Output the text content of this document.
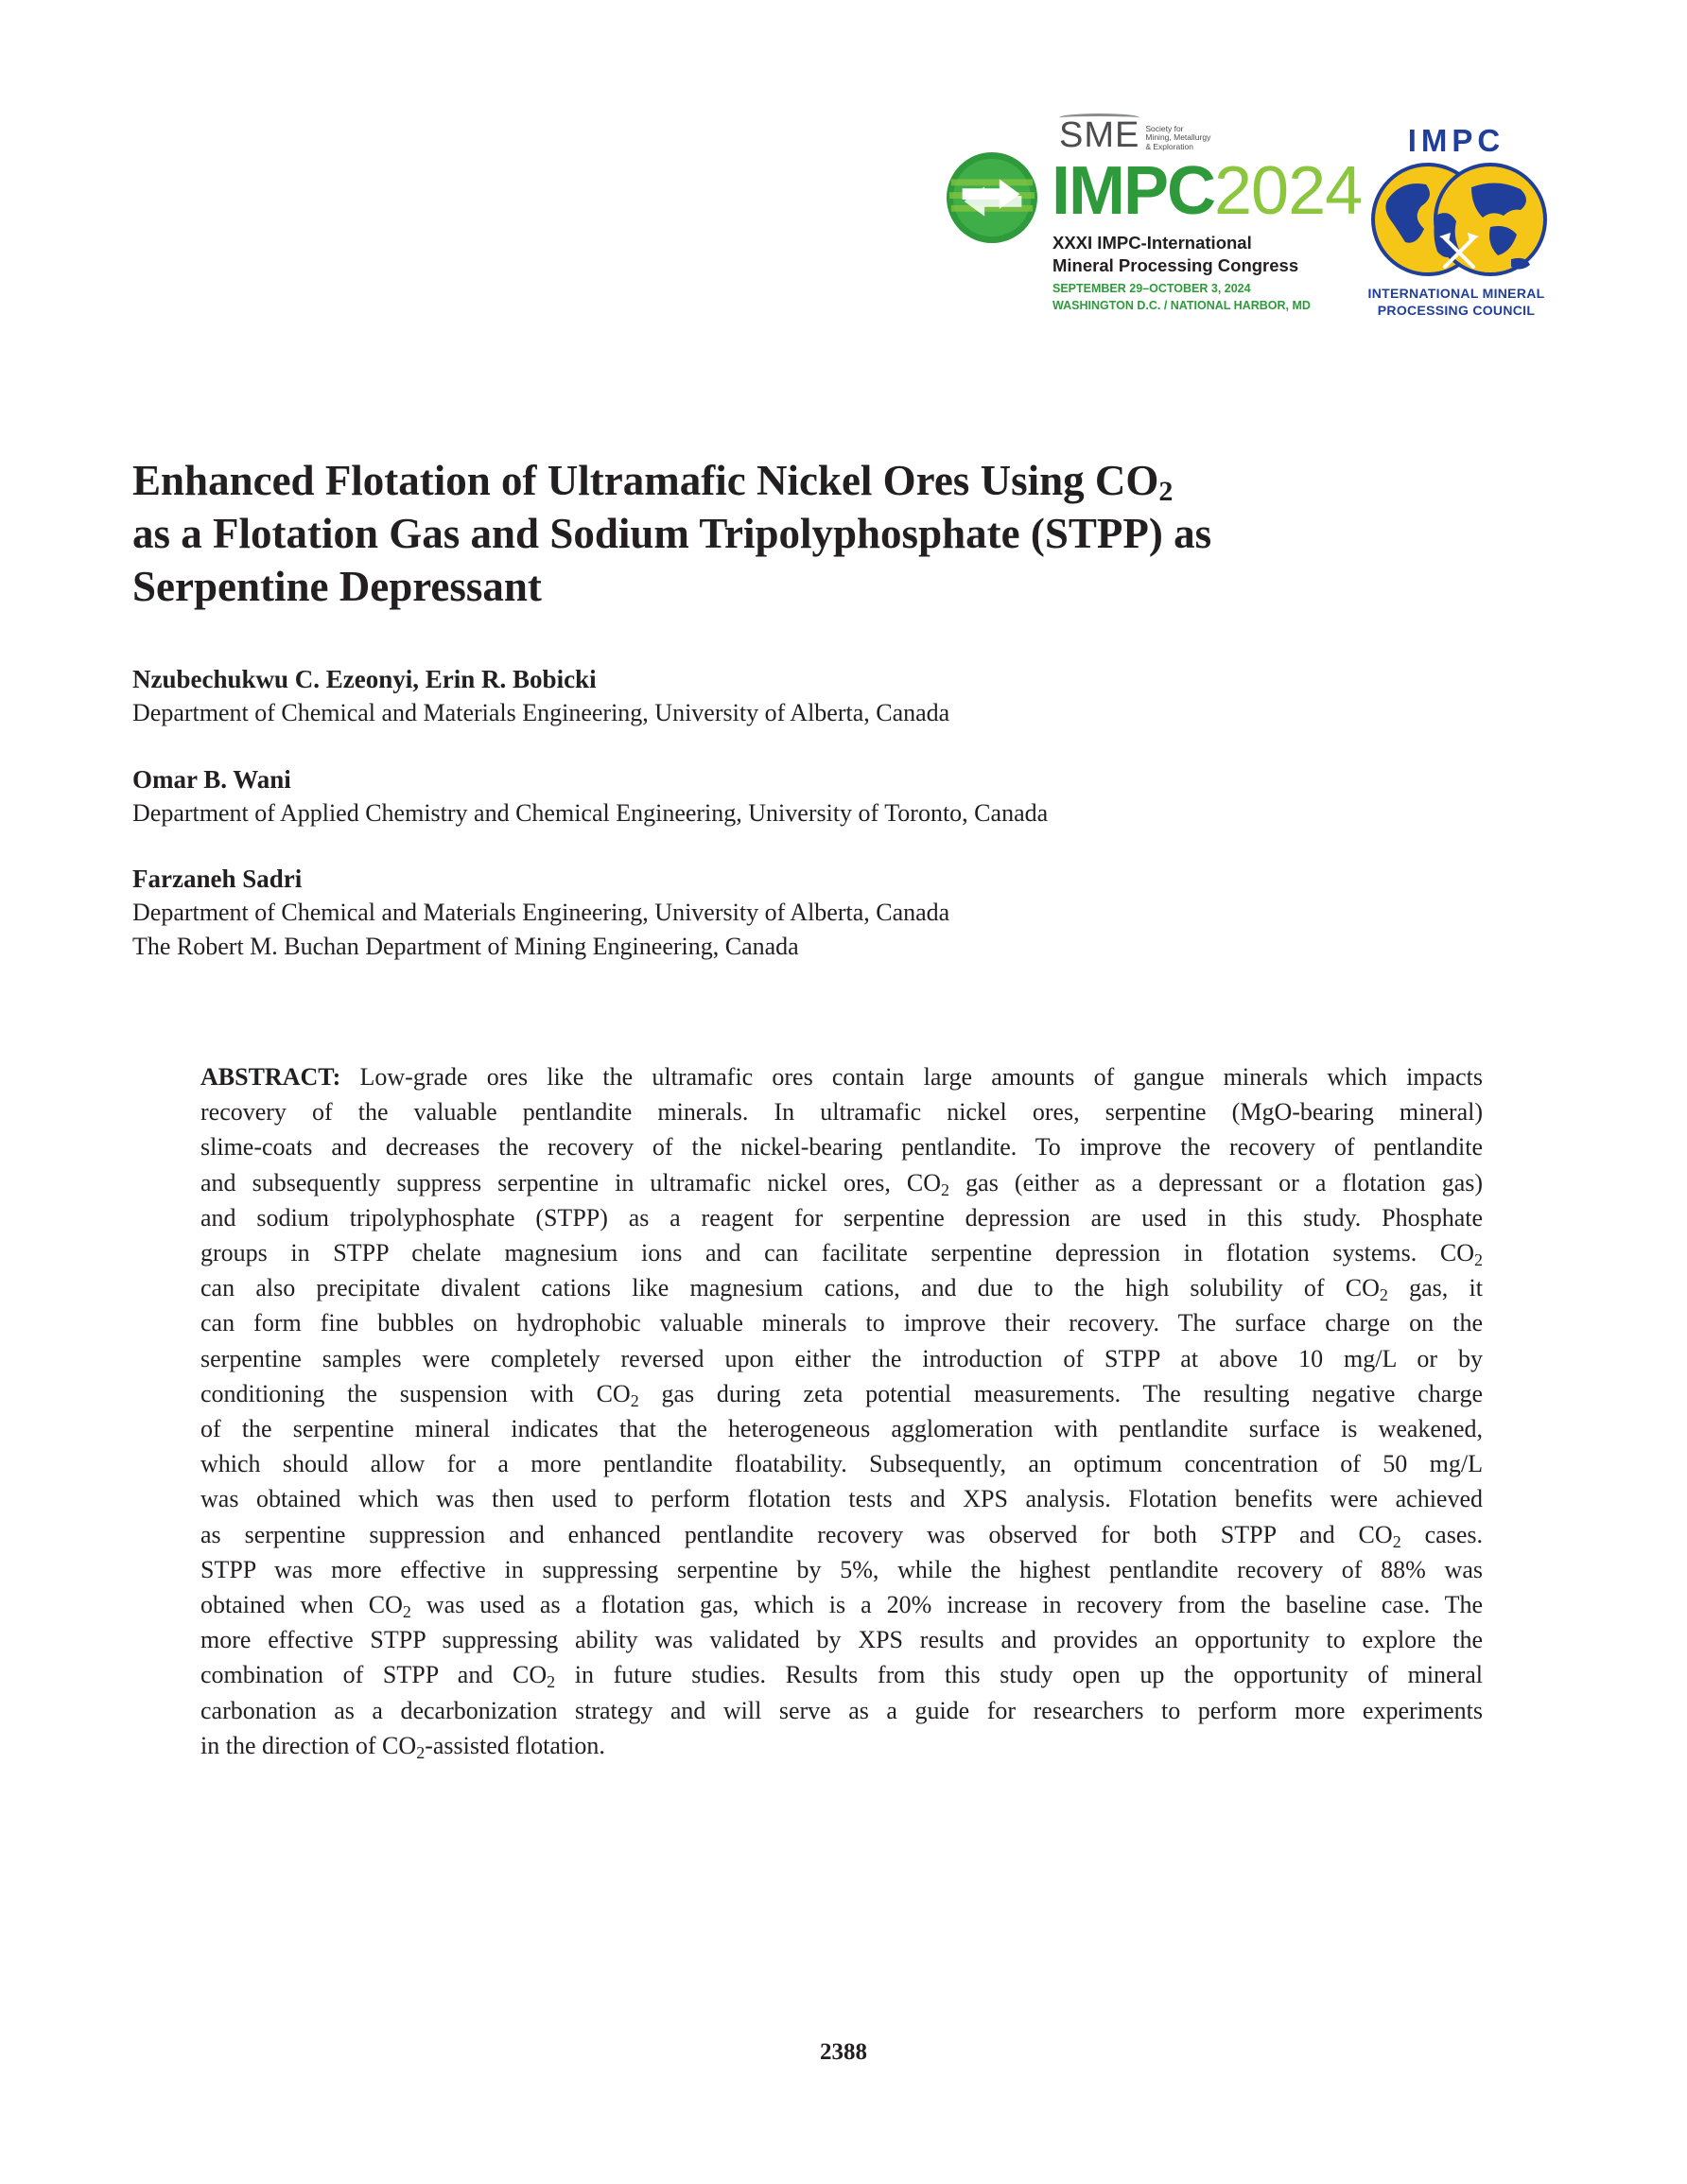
SME Society for
Mining, Metallurgy
& Exploration
IMPC2024
XXXI IMPC-International
Mineral Processing Congress
SEPTEMBER 29–OCTOBER 3, 2024
WASHINGTON D.C. / NATIONAL HARBOR, MD
IMPC
INTERNATIONAL MINERAL
PROCESSING COUNCIL
Enhanced Flotation of Ultramafic Nickel Ores Using $CO_2$
as a Flotation Gas and Sodium Tripolyphosphate (STPP) as
Serpentine Depressant
Nzubechukwu C. Ezeonyi, Erin R. Bobicki
Department of Chemical and Materials Engineering, University of Alberta, Canada
Omar B. Wani
Department of Applied Chemistry and Chemical Engineering, University of Toronto, Canada
Farzaneh Sadri
Department of Chemical and Materials Engineering, University of Alberta, Canada
The Robert M. Buchan Department of Mining Engineering, Canada
ABSTRACT: Low-grade ores like the ultramafic ores contain large amounts of gangue minerals which impacts
recovery of the valuable pentlandite minerals. In ultramafic nickel ores, serpentine (MgO-bearing mineral)
slime-coats and decreases the recovery of the nickel-bearing pentlandite. To improve the recovery of pentlandite
and subsequently suppress serpentine in ultramafic nickel ores, $CO_2$ gas (either as a depressant or a flotation gas)
and sodium tripolyphosphate (STPP) as a reagent for serpentine depression are used in this study. Phosphate
groups in STPP chelate magnesium ions and can facilitate serpentine depression in flotation systems. $CO_2$
can also precipitate divalent cations like magnesium cations, and due to the high solubility of $CO_2$ gas, it
can form fine bubbles on hydrophobic valuable minerals to improve their recovery. The surface charge on the
serpentine samples were completely reversed upon either the introduction of STPP at above 10 mg/L or by
conditioning the suspension with $CO_2$ gas during zeta potential measurements. The resulting negative charge
of the serpentine mineral indicates that the heterogeneous agglomeration with pentlandite surface is weakened,
which should allow for a more pentlandite floatability. Subsequently, an optimum concentration of 50 mg/L
was obtained which was then used to perform flotation tests and XPS analysis. Flotation benefits were achieved
as serpentine suppression and enhanced pentlandite recovery was observed for both STPP and $CO_2$ cases.
STPP was more effective in suppressing serpentine by 5%, while the highest pentlandite recovery of 88% was
obtained when $CO_2$ was used as a flotation gas, which is a 20% increase in recovery from the baseline case. The
more effective STPP suppressing ability was validated by XPS results and provides an opportunity to explore the
combination of STPP and $CO_2$ in future studies. Results from this study open up the opportunity of mineral
carbonation as a decarbonization strategy and will serve as a guide for researchers to perform more experiments
in the direction of $CO_2$-assisted flotation.
2388
